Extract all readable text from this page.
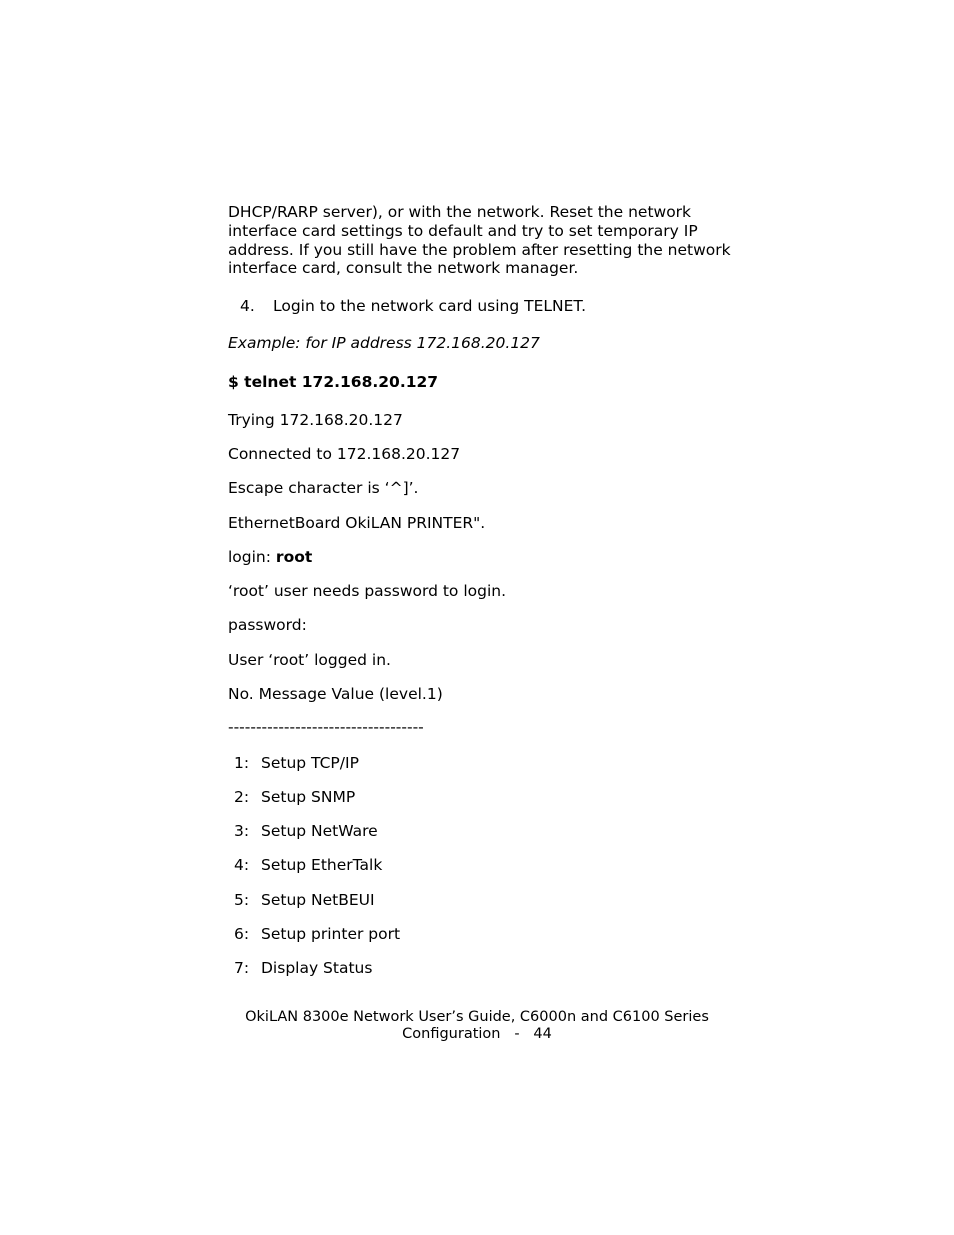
DHCP/RARP server), or with the network. Reset the network interface card settings to default and try to set temporary IP address. If you still have the problem after resetting the network interface card, consult the network manager.
4. Login to the network card using TELNET.
Example: for IP address 172.168.20.127
$ telnet 172.168.20.127
Trying 172.168.20.127
Connected to 172.168.20.127
Escape character is ‘^]’.
EthernetBoard OkiLAN PRINTER".
login: root
‘root’ user needs password to login.
password:
User ‘root’ logged in.
No. Message Value (level.1)
-----------------------------------
1: Setup TCP/IP
2: Setup SNMP
3: Setup NetWare
4: Setup EtherTalk
5: Setup NetBEUI
6: Setup printer port
7: Display Status
OkiLAN 8300e Network User’s Guide, C6000n and C6100 Series
Configuration   -   44
